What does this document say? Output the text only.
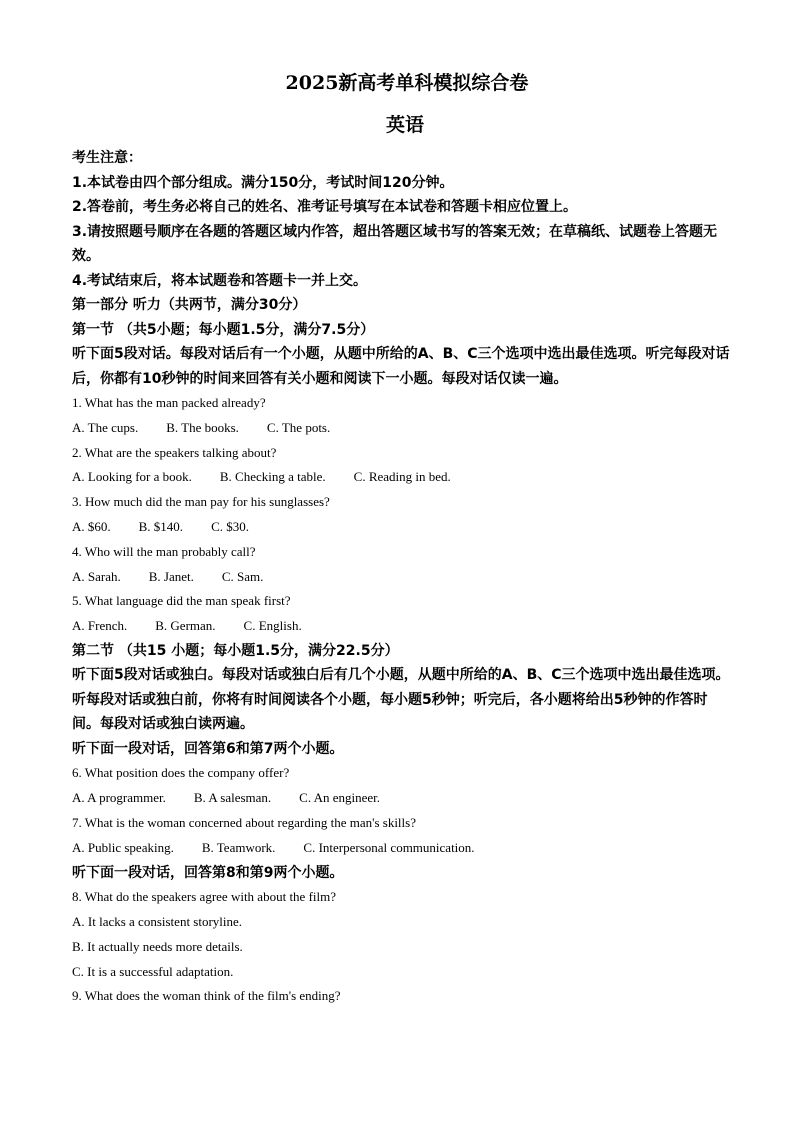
2025新高考单科模拟综合卷
英语

考生注意：

1.本试卷由四个部分组成。满分150分，考试时间120分钟。

2.答卷前，考生务必将自己的姓名、准考证号填写在本试卷和答题卡相应位置上。

3.请按照题号顺序在各题的答题区域内作答，超出答题区域书写的答案无效；在草稿纸、试题卷上答题无效。

4.考试结束后，将本试题卷和答题卡一并上交。

第一部分 听力（共两节，满分30分）

第一节 （共5小题；每小题1.5分，满分7.5分）

听下面5段对话。每段对话后有一个小题，从题中所给的A、B、C三个选项中选出最佳选项。听完每段对话后，你都有10秒钟的时间来回答有关小题和阅读下一小题。每段对话仅读一遍。

1. What has the man packed already?

A. The cups. B. The books. C. The pots.

2. What are the speakers talking about?

A. Looking for a book. B. Checking a table. C. Reading in bed.

3. How much did the man pay for his sunglasses?

A. $60. B. $140. C. $30.

4. Who will the man probably call?

A. Sarah. B. Janet. C. Sam.

5. What language did the man speak first?

A. French. B. German. C. English.

第二节 （共15 小题；每小题1.5分，满分22.5分）

听下面5段对话或独白。每段对话或独白后有几个小题，从题中所给的A、B、C三个选项中选出最佳选项。听每段对话或独白前，你将有时间阅读各个小题，每小题5秒钟；听完后，各小题将给出5秒钟的作答时间。每段对话或独白读两遍。

听下面一段对话，回答第6和第7两个小题。

6. What position does the company offer?

A. A programmer. B. A salesman. C. An engineer.

7. What is the woman concerned about regarding the man's skills?

A. Public speaking. B. Teamwork. C. Interpersonal communication.

听下面一段对话，回答第8和第9两个小题。

8. What do the speakers agree with about the film?

A. It lacks a consistent storyline.

B. It actually needs more details.

C. It is a successful adaptation.

9. What does the woman think of the film's ending?
